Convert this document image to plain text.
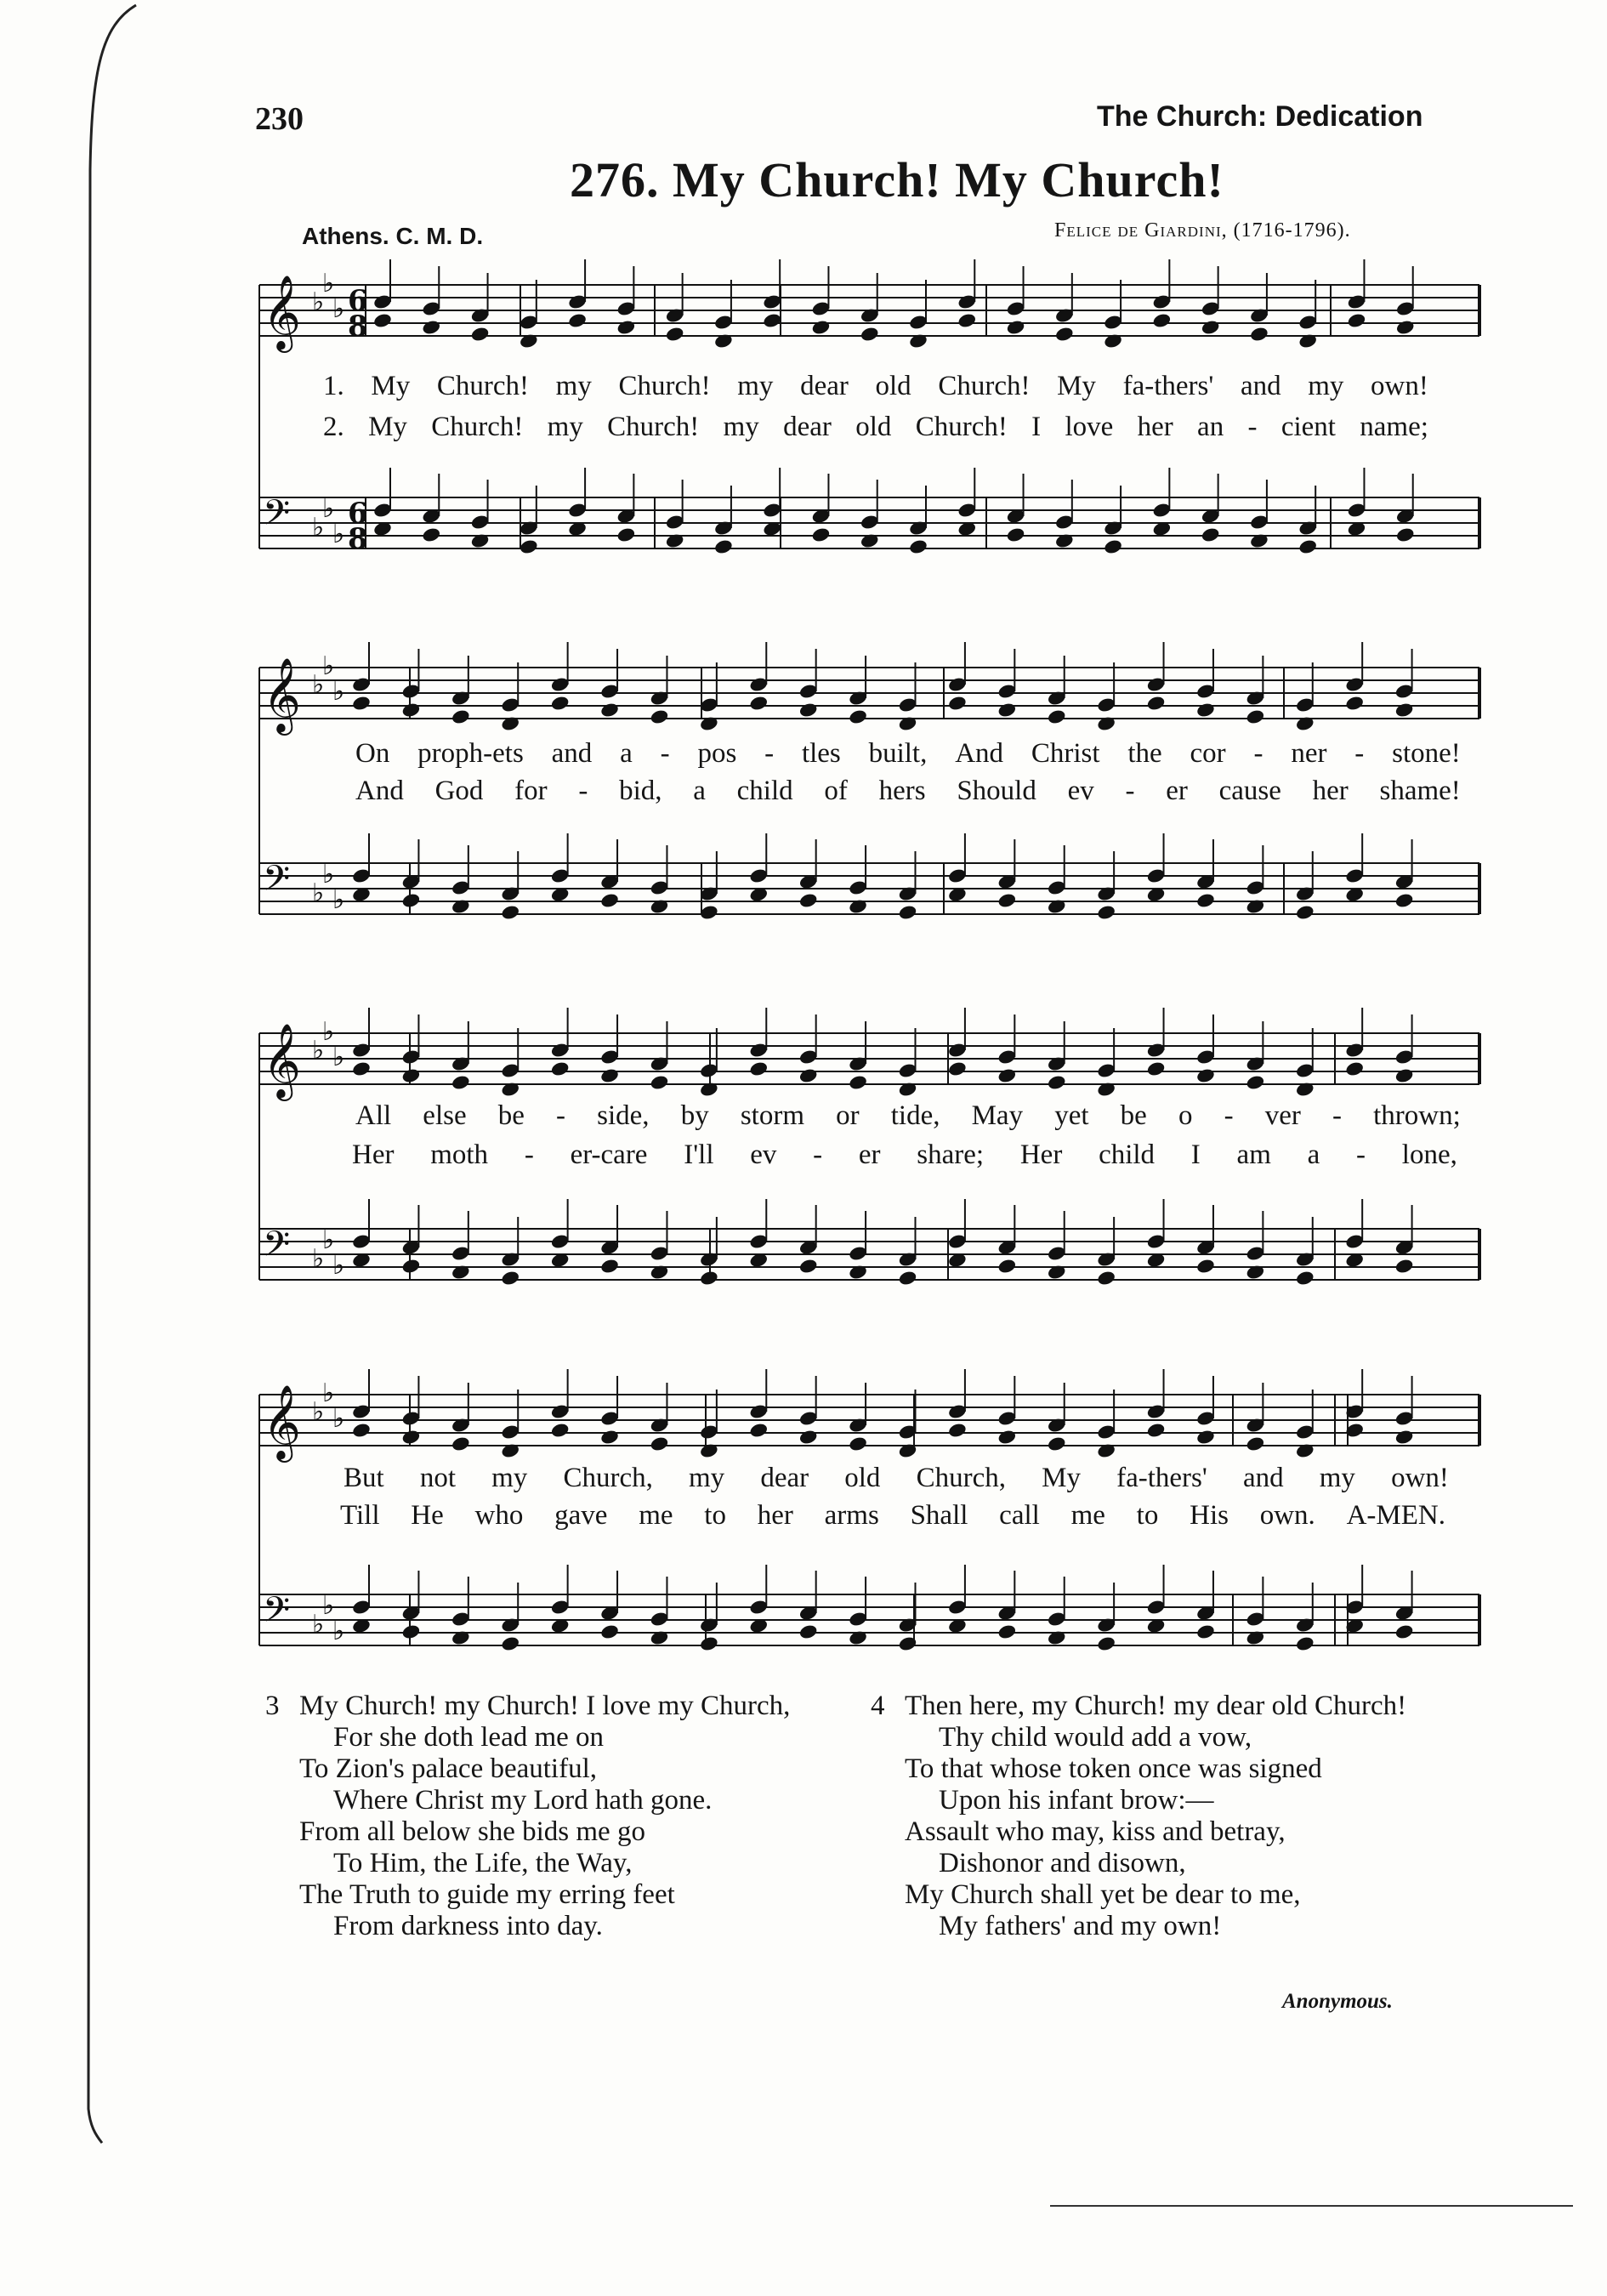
230	The Church: Dedication
276. My Church! My Church!
Athens. C. M. D.	Felice de Giardini, (1716-1796).
𝄞 ♭
♭
♭ 6
8
𝄢 ♭
♭
♭
6
8
𝄞 ♭
♭
♭
𝄢 ♭
♭
♭
𝄞 ♭
♭
♭
𝄢 ♭
♭
♭
𝄞 ♭
♭
♭
𝄢 ♭
♭
♭
1. My Church! my Church! my dear old Church! My fa-thers' and my own!
2. My Church! my Church! my dear old Church! I love her an - cient name;
On proph-ets and a - pos - tles built, And Christ the cor - ner - stone!
And God for - bid, a child of hers Should ev - er cause her shame!
All else be - side, by storm or tide, May yet be o - ver - thrown;
Her moth - er-care I'll ev - er share; Her child I am a - lone,
But not my Church, my dear old Church, My fa-thers' and my own!
Till He who gave me to her arms Shall call me to His own. A-MEN.
3 My Church! my Church! I love my Church,
For she doth lead me on
To Zion's palace beautiful,
Where Christ my Lord hath gone.
From all below she bids me go
To Him, the Life, the Way,
The Truth to guide my erring feet
From darkness into day.
4 Then here, my Church! my dear old Church!
Thy child would add a vow,
To that whose token once was signed
Upon his infant brow:—
Assault who may, kiss and betray,
Dishonor and disown,
My Church shall yet be dear to me,
My fathers' and my own!
Anonymous.
